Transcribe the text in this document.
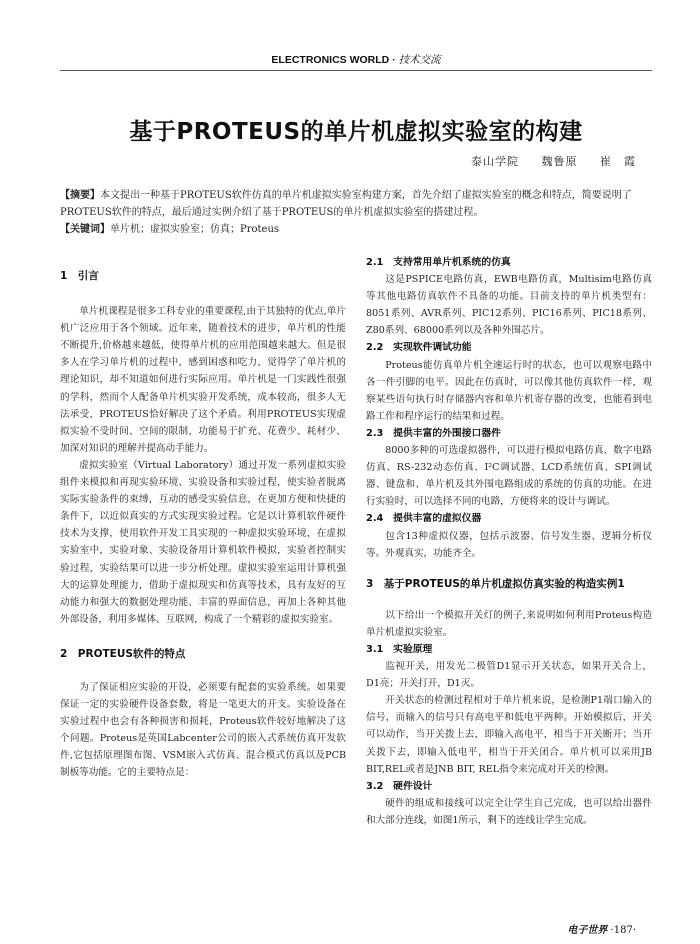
ELECTRONICS WORLD · 技术交流
基于PROTEUS的单片机虚拟实验室的构建
泰山学院 魏鲁原 崔　霞
【摘要】本文提出一种基于PROTEUS软件仿真的单片机虚拟实验室构建方案，首先介绍了虚拟实验室的概念和特点，简要说明了PROTEUS软件的特点，最后通过实例介绍了基于PROTEUS的单片机虚拟实验室的搭建过程。
【关键词】单片机；虚拟实验室；仿真；Proteus
1　引言

单片机课程是很多工科专业的重要课程,由于其独特的优点,单片机广泛应用于各个领域。近年来，随着技术的进步，单片机的性能不断提升,价格越来越低，使得单片机的应用范围越来越大。但是很多人在学习单片机的过程中，感到困惑和吃力，觉得学了单片机的理论知识，却不知道如何进行实际应用。单片机是一门实践性很强的学科，然而个人配备单片机实验开发系统，成本较高，很多人无法承受，PROTEUS恰好解决了这个矛盾。利用PROTEUS实现虚拟实验不受时间、空间的限制，功能易于扩充、花费少、耗材少、加深对知识的理解并提高动手能力。

虚拟实验室（Virtual Laboratory）通过开发一系列虚拟实验组件来模拟和再现实验环境、实验设备和实验过程，使实验者脱离实际实验条件的束缚，互动的感受实验信息，在更加方便和快捷的条件下，以近似真实的方式实现实验过程。它是以计算机软件硬件技术为支撑，使用软件开发工具实现的一种虚拟实验环境，在虚拟实验室中，实验对象、实验设备用计算机软件模拟，实验者控制实验过程，实验结果可以进一步分析处理。虚拟实验室运用计算机强大的运算处理能力，借助于虚拟现实和仿真等技术，具有友好的互动能力和强大的数据处理功能、丰富的界面信息，再加上各种其他外部设备，利用多媒体、互联网，构成了一个精彩的虚拟实验室。

2　PROTEUS软件的特点

为了保证相应实验的开设，必须要有配套的实验系统。如果要保证一定的实验硬件设备套数，将是一笔更大的开支。实验设备在实验过程中也会有各种损害和损耗，Proteus软件较好地解决了这个问题。Proteus是英国Labcenter公司的嵌入式系统仿真开发软件,它包括原理图布图、VSM嵌入式仿真、混合模式仿真以及PCB制板等功能。它的主要特点是：

2.1　支持常用单片机系统的仿真

这是PSPICE电路仿真，EWB电路仿真，Multisim电路仿真等其他电路仿真软件不具备的功能。目前支持的单片机类型有：8051系列、AVR系列、PIC12系列、PIC16系列、PIC18系列、Z80系列、68000系列以及各种外围芯片。

2.2　实现软件调试功能

Proteus能仿真单片机全速运行时的状态，也可以观察电路中各一件引脚的电平。因此在仿真时，可以像其他仿真软件一样，观察某些语句执行时存储器内容和单片机寄存器的改变，也能看到电路工作和程序运行的结果和过程。

2.3　提供丰富的外围接口器件

8000多种的可选虚拟器件，可以进行模拟电路仿真、数字电路仿真、RS-232动态仿真、I²C调试器、LCD系统仿真、SPI调试器、键盘和、单片机及其外围电路组成的系统的仿真的功能。在进行实验时，可以选择不同的电路，方便将来的设计与调试。

2.4　提供丰富的虚拟仪器

包含13种虚拟仪器，包括示波器、信号发生器、逻辑分析仪等。外观真实，功能齐全。

3　基于PROTEUS的单片机虚拟仿真实验的构造实例1

以下给出一个模拟开关灯的例子,来说明如何利用Proteus构造单片机虚拟实验室。

3.1　实验原理

监视开关，用发光二极管D1显示开关状态，如果开关合上，D1亮；开关打开，D1灭。

开关状态的检测过程相对于单片机来说，是检测P1端口输入的信号，而输入的信号只有高电平和低电平两种。开始模拟后，开关可以动作，当开关拨上去，即输入高电平，相当于开关断开；当开关拨下去，即输入低电平，相当于开关闭合。单片机可以采用JB BIT,REL或者是JNB BIT, REL指令来完成对开关的检测。

3.2　硬件设计

硬件的组成和接线可以完全让学生自己完成，也可以给出器件和大部分连线，如图1所示，剩下的连线让学生完成。

电子世界 ·187·
